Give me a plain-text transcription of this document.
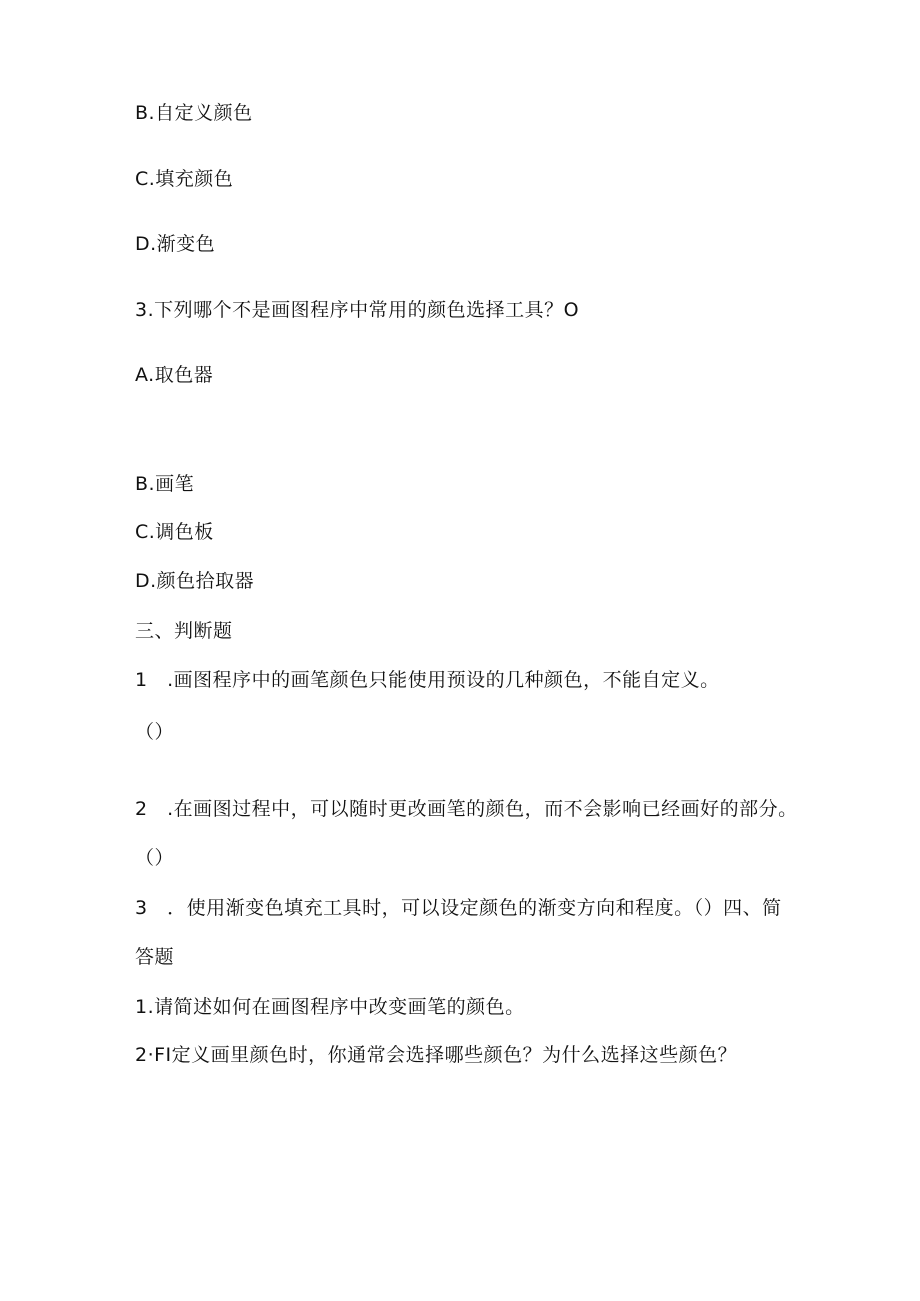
B.自定义颜色
C.填充颜色
D.渐变色
3.下列哪个不是画图程序中常用的颜色选择工具？O
A.取色器
B.画笔
C.调色板
D.颜色拾取器
三、判断题
1　.画图程序中的画笔颜色只能使用预设的几种颜色，不能自定义。
（）
2　.在画图过程中，可以随时更改画笔的颜色，而不会影响已经画好的部分。
（）
3　．使用渐变色填充工具时，可以设定颜色的渐变方向和程度。（）四、简
答题
1.请简述如何在画图程序中改变画笔的颜色。
2·FI定义画里颜色时，你通常会选择哪些颜色？为什么选择这些颜色？
